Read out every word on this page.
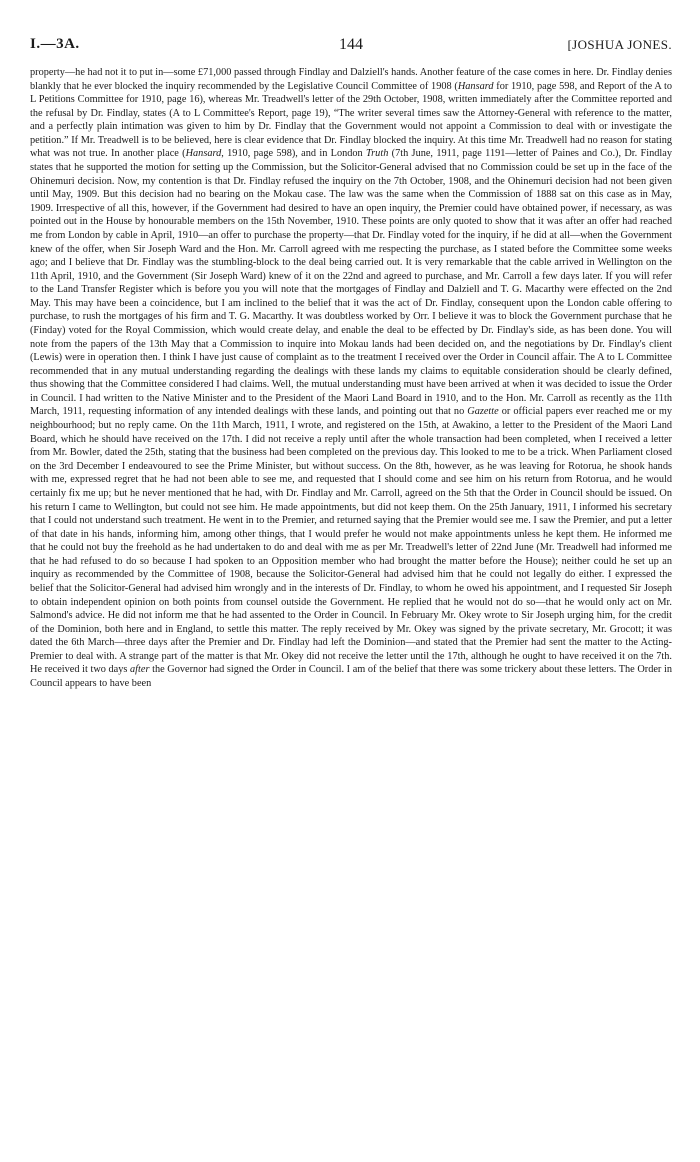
I.—3A.	144	[JOSHUA JONES.

property—he had not it to put in—some £71,000 passed through Findlay and Dalziell's hands. Another feature of the case comes in here. Dr. Findlay denies blankly that he ever blocked the inquiry recommended by the Legislative Council Committee of 1908 (Hansard for 1910, page 598, and Report of the A to L Petitions Committee for 1910, page 16), whereas Mr. Treadwell's letter of the 29th October, 1908, written immediately after the Committee reported and the refusal by Dr. Findlay, states (A to L Committee's Report, page 19), “The writer several times saw the Attorney-General with reference to the matter, and a perfectly plain intimation was given to him by Dr. Findlay that the Government would not appoint a Commission to deal with or investigate the petition.” If Mr. Treadwell is to be believed, here is clear evidence that Dr. Findlay blocked the inquiry. At this time Mr. Treadwell had no reason for stating what was not true. In another place (Hansard, 1910, page 598), and in London Truth (7th June, 1911, page 1191—letter of Paines and Co.), Dr. Findlay states that he supported the motion for setting up the Commission, but the Solicitor-General advised that no Commission could be set up in the face of the Ohinemuri decision. Now, my contention is that Dr. Findlay refused the inquiry on the 7th October, 1908, and the Ohinemuri decision had not been given until May, 1909. But this decision had no bearing on the Mokau case. The law was the same when the Commission of 1888 sat on this case as in May, 1909. Irrespective of all this, however, if the Government had desired to have an open inquiry, the Premier could have obtained power, if necessary, as was pointed out in the House by honourable members on the 15th November, 1910. These points are only quoted to show that it was after an offer had reached me from London by cable in April, 1910—an offer to purchase the property—that Dr. Findlay voted for the inquiry, if he did at all—when the Government knew of the offer, when Sir Joseph Ward and the Hon. Mr. Carroll agreed with me respecting the purchase, as I stated before the Committee some weeks ago; and I believe that Dr. Findlay was the stumbling-block to the deal being carried out. It is very remarkable that the cable arrived in Wellington on the 11th April, 1910, and the Government (Sir Joseph Ward) knew of it on the 22nd and agreed to purchase, and Mr. Carroll a few days later. If you will refer to the Land Transfer Register which is before you you will note that the mortgages of Findlay and Dalziell and T. G. Macarthy were effected on the 2nd May. This may have been a coincidence, but I am inclined to the belief that it was the act of Dr. Findlay, consequent upon the London cable offering to purchase, to rush the mortgages of his firm and T. G. Macarthy. It was doubtless worked by Orr. I believe it was to block the Government purchase that he (Finday) voted for the Royal Commission, which would create delay, and enable the deal to be effected by Dr. Findlay's side, as has been done. You will note from the papers of the 13th May that a Commission to inquire into Mokau lands had been decided on, and the negotiations by Dr. Findlay's client (Lewis) were in operation then. I think I have just cause of complaint as to the treatment I received over the Order in Council affair. The A to L Committee recommended that in any mutual understanding regarding the dealings with these lands my claims to equitable consideration should be clearly defined, thus showing that the Committee considered I had claims. Well, the mutual understanding must have been arrived at when it was decided to issue the Order in Council. I had written to the Native Minister and to the President of the Maori Land Board in 1910, and to the Hon. Mr. Carroll as recently as the 11th March, 1911, requesting information of any intended dealings with these lands, and pointing out that no Gazette or official papers ever reached me or my neighbourhood; but no reply came. On the 11th March, 1911, I wrote, and registered on the 15th, at Awakino, a letter to the President of the Maori Land Board, which he should have received on the 17th. I did not receive a reply until after the whole transaction had been completed, when I received a letter from Mr. Bowler, dated the 25th, stating that the business had been completed on the previous day. This looked to me to be a trick. When Parliament closed on the 3rd December I endeavoured to see the Prime Minister, but without success. On the 8th, however, as he was leaving for Rotorua, he shook hands with me, expressed regret that he had not been able to see me, and requested that I should come and see him on his return from Rotorua, and he would certainly fix me up; but he never mentioned that he had, with Dr. Findlay and Mr. Carroll, agreed on the 5th that the Order in Council should be issued. On his return I came to Wellington, but could not see him. He made appointments, but did not keep them. On the 25th January, 1911, I informed his secretary that I could not understand such treatment. He went in to the Premier, and returned saying that the Premier would see me. I saw the Premier, and put a letter of that date in his hands, informing him, among other things, that I would prefer he would not make appointments unless he kept them. He informed me that he could not buy the freehold as he had undertaken to do and deal with me as per Mr. Treadwell's letter of 22nd June (Mr. Treadwell had informed me that he had refused to do so because I had spoken to an Opposition member who had brought the matter before the House); neither could he set up an inquiry as recommended by the Committee of 1908, because the Solicitor-General had advised him that he could not legally do either. I expressed the belief that the Solicitor-General had advised him wrongly and in the interests of Dr. Findlay, to whom he owed his appointment, and I requested Sir Joseph to obtain independent opinion on both points from counsel outside the Government. He replied that he would not do so—that he would only act on Mr. Salmond's advice. He did not inform me that he had assented to the Order in Council. In February Mr. Okey wrote to Sir Joseph urging him, for the credit of the Dominion, both here and in England, to settle this matter. The reply received by Mr. Okey was signed by the private secretary, Mr. Grocott; it was dated the 6th March—three days after the Premier and Dr. Findlay had left the Dominion—and stated that the Premier had sent the matter to the Acting-Premier to deal with. A strange part of the matter is that Mr. Okey did not receive the letter until the 17th, although he ought to have received it on the 7th. He received it two days after the Governor had signed the Order in Council. I am of the belief that there was some trickery about these letters. The Order in Council appears to have been
